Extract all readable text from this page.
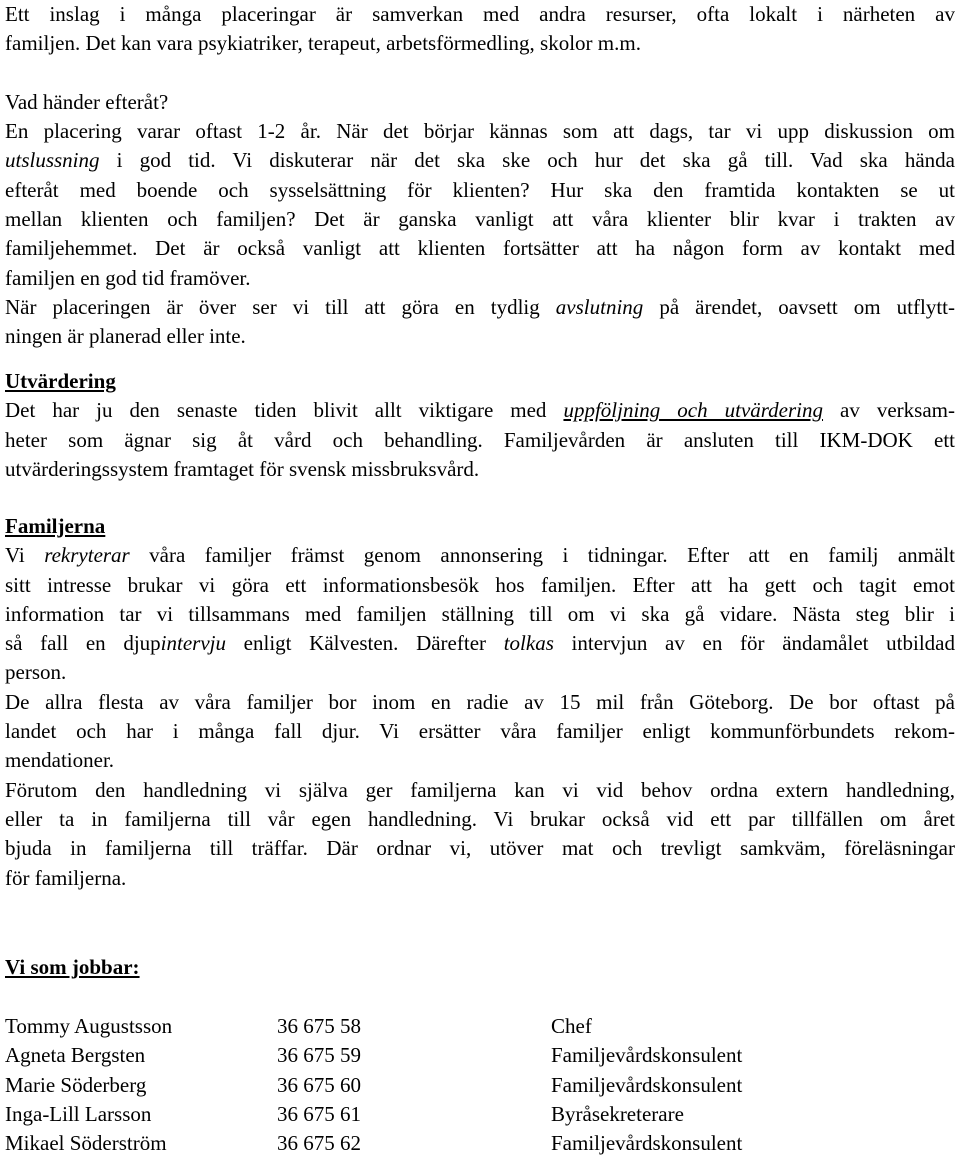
Ett inslag i många placeringar är samverkan med andra resurser, ofta lokalt i närheten av
familjen. Det kan vara psykiatriker, terapeut, arbetsförmedling, skolor m.m.
Vad händer efteråt?
En placering varar oftast 1-2 år. När det börjar kännas som att dags, tar vi upp diskussion om
utslussning i god tid. Vi diskuterar när det ska ske och hur det ska gå till. Vad ska hända
efteråt med boende och sysselsättning för klienten? Hur ska den framtida kontakten se ut
mellan klienten och familjen? Det är ganska vanligt att våra klienter blir kvar i trakten av
familjehemmet. Det är också vanligt att klienten fortsätter att ha någon form av kontakt med
familjen en god tid framöver.
När placeringen är över ser vi till att göra en tydlig avslutning på ärendet, oavsett om utflytt-
ningen är planerad eller inte.
Utvärdering
Det har ju den senaste tiden blivit allt viktigare med uppföljning och utvärdering av verksam-
heter som ägnar sig åt vård och behandling. Familjevården är ansluten till IKM-DOK ett
utvärderingssystem framtaget för svensk missbruksvård.
Familjerna
Vi rekryterar våra familjer främst genom annonsering i tidningar. Efter att en familj anmält
sitt intresse brukar vi göra ett informationsbesök hos familjen. Efter att ha gett och tagit emot
information tar vi tillsammans med familjen ställning till om vi ska gå vidare. Nästa steg blir i
så fall en djupintervju enligt Kälvesten. Därefter tolkas intervjun av en för ändamålet utbildad
person.
De allra flesta av våra familjer bor inom en radie av 15 mil från Göteborg. De bor oftast på
landet och har i många fall djur. Vi ersätter våra familjer enligt kommunförbundets rekom-
mendationer.
Förutom den handledning vi själva ger familjerna kan vi vid behov ordna extern handledning,
eller ta in familjerna till vår egen handledning. Vi brukar också vid ett par tillfällen om året
bjuda in familjerna till träffar. Där ordnar vi, utöver mat och trevligt samkväm, föreläsningar
för familjerna.
Vi som jobbar:
Tommy Augustsson	36 675 58	Chef
Agneta Bergsten	36 675 59	Familjevårdskonsulent
Marie Söderberg	36 675 60	Familjevårdskonsulent
Inga-Lill Larsson	36 675 61	Byråsekreterare
Mikael Söderström	36 675 62	Familjevårdskonsulent
